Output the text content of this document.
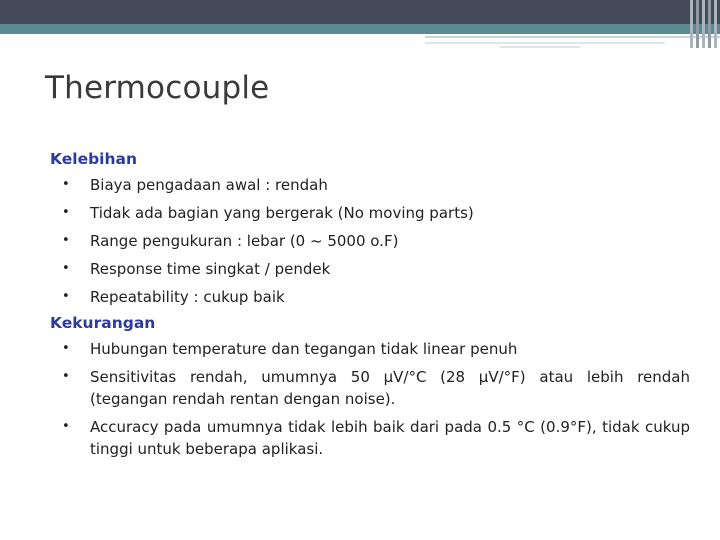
Thermocouple
Kelebihan
• Biaya pengadaan awal : rendah
• Tidak ada bagian yang bergerak (No moving parts)
• Range pengukuran : lebar (0 ~ 5000 o.F)
• Response time singkat / pendek
• Repeatability : cukup baik
Kekurangan
• Hubungan temperature dan tegangan tidak linear penuh
• Sensitivitas rendah, umumnya 50 µV/°C (28 µV/°F) atau lebih rendah (tegangan rendah rentan dengan noise).
• Accuracy pada umumnya tidak lebih baik dari pada 0.5 °C (0.9°F), tidak cukup tinggi untuk beberapa aplikasi.
